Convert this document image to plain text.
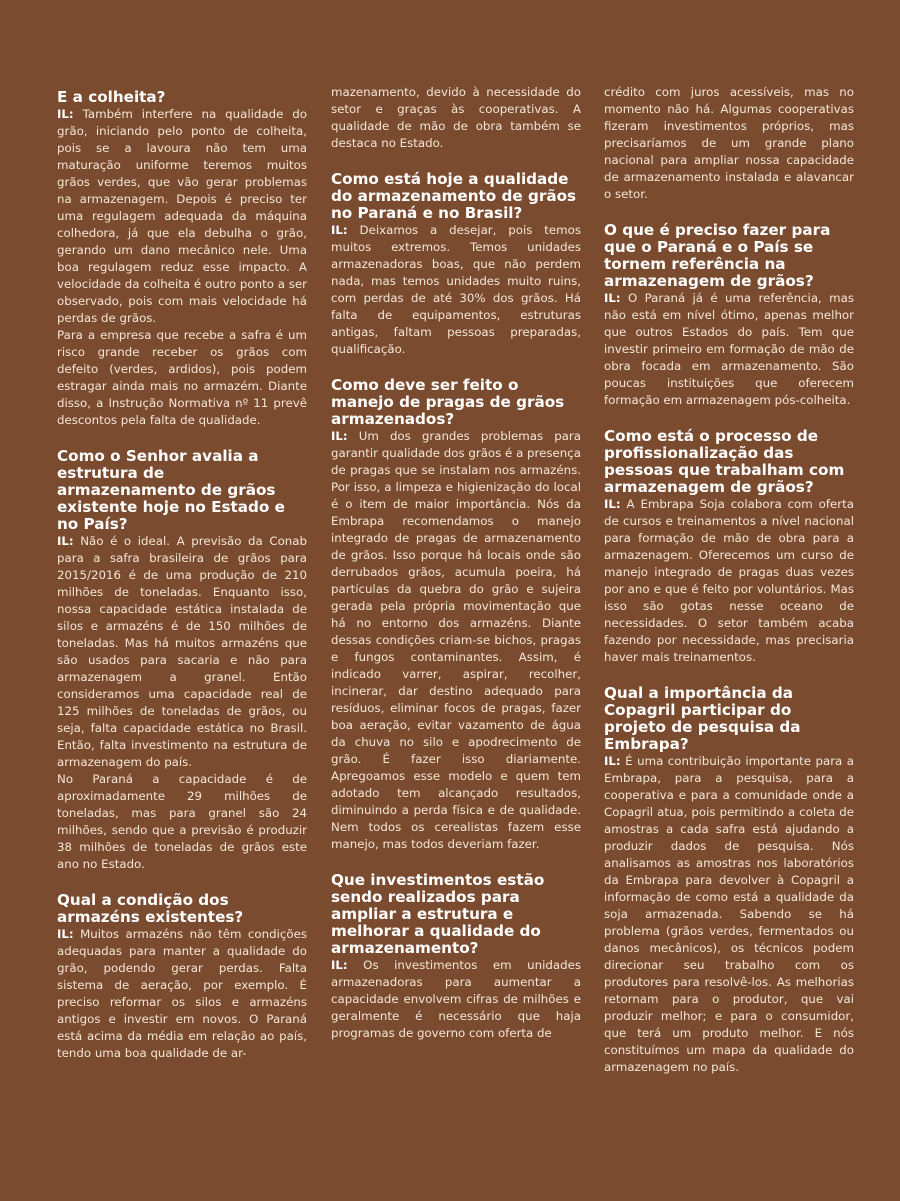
E a colheita?

IL: Também interfere na qualidade do grão, iniciando pelo ponto de colheita, pois se a lavoura não tem uma maturação uniforme teremos muitos grãos verdes, que vão gerar problemas na armazenagem. Depois é preciso ter uma regulagem adequada da máquina colhedora, já que ela debulha o grão, gerando um dano mecânico nele. Uma boa regulagem reduz esse impacto. A velocidade da colheita é outro ponto a ser observado, pois com mais velocidade há perdas de grãos.

Para a empresa que recebe a safra é um risco grande receber os grãos com defeito (verdes, ardidos), pois podem estragar ainda mais no armazém. Diante disso, a Instrução Normativa nº 11 prevê descontos pela falta de qualidade.

Como o Senhor avalia a estrutura de armazenamento de grãos existente hoje no Estado e no País?

IL: Não é o ideal. A previsão da Conab para a safra brasileira de grãos para 2015/2016 é de uma produção de 210 milhões de toneladas. Enquanto isso, nossa capacidade estática instalada de silos e armazéns é de 150 milhões de toneladas. Mas há muitos armazéns que são usados para sacaria e não para armazenagem a granel. Então consideramos uma capacidade real de 125 milhões de toneladas de grãos, ou seja, falta capacidade estática no Brasil. Então, falta investimento na estrutura de armazenagem do país.

No Paraná a capacidade é de aproximadamente 29 milhões de toneladas, mas para granel são 24 milhões, sendo que a previsão é produzir 38 milhões de toneladas de grãos este ano no Estado.

Qual a condição dos armazéns existentes?

IL: Muitos armazéns não têm condições adequadas para manter a qualidade do grão, podendo gerar perdas. Falta sistema de aeração, por exemplo. É preciso reformar os silos e armazéns antigos e investir em novos. O Paraná está acima da média em relação ao país, tendo uma boa qualidade de ar-

mazenamento, devido à necessidade do setor e graças às cooperativas. A qualidade de mão de obra também se destaca no Estado.

Como está hoje a qualidade do armazenamento de grãos no Paraná e no Brasil?

IL: Deixamos a desejar, pois temos muitos extremos. Temos unidades armazenadoras boas, que não perdem nada, mas temos unidades muito ruins, com perdas de até 30% dos grãos. Há falta de equipamentos, estruturas antigas, faltam pessoas preparadas, qualificação.

Como deve ser feito o manejo de pragas de grãos armazenados?

IL: Um dos grandes problemas para garantir qualidade dos grãos é a presença de pragas que se instalam nos armazéns. Por isso, a limpeza e higienização do local é o item de maior importância. Nós da Embrapa recomendamos o manejo integrado de pragas de armazenamento de grãos. Isso porque há locais onde são derrubados grãos, acumula poeira, há partículas da quebra do grão e sujeira gerada pela própria movimentação que há no entorno dos armazéns. Diante dessas condições criam-se bichos, pragas e fungos contaminantes. Assim, é indicado varrer, aspirar, recolher, incinerar, dar destino adequado para resíduos, eliminar focos de pragas, fazer boa aeração, evitar vazamento de água da chuva no silo e apodrecimento de grão. É fazer isso diariamente. Apregoamos esse modelo e quem tem adotado tem alcançado resultados, diminuindo a perda física e de qualidade. Nem todos os cerealistas fazem esse manejo, mas todos deveriam fazer.

Que investimentos estão sendo realizados para ampliar a estrutura e melhorar a qualidade do armazenamento?

IL: Os investimentos em unidades armazenadoras para aumentar a capacidade envolvem cifras de milhões e geralmente é necessário que haja programas de governo com oferta de

crédito com juros acessíveis, mas no momento não há. Algumas cooperativas fizeram investimentos próprios, mas precisaríamos de um grande plano nacional para ampliar nossa capacidade de armazenamento instalada e alavancar o setor.

O que é preciso fazer para que o Paraná e o País se tornem referência na armazenagem de grãos?

IL: O Paraná já é uma referência, mas não está em nível ótimo, apenas melhor que outros Estados do país. Tem que investir primeiro em formação de mão de obra focada em armazenamento. São poucas instituições que oferecem formação em armazenagem pós-colheita.

Como está o processo de profissionalização das pessoas que trabalham com armazenagem de grãos?

IL: A Embrapa Soja colabora com oferta de cursos e treinamentos a nível nacional para formação de mão de obra para a armazenagem. Oferecemos um curso de manejo integrado de pragas duas vezes por ano e que é feito por voluntários. Mas isso são gotas nesse oceano de necessidades. O setor também acaba fazendo por necessidade, mas precisaria haver mais treinamentos.

Qual a importância da Copagril participar do projeto de pesquisa da Embrapa?

IL: É uma contribuição importante para a Embrapa, para a pesquisa, para a cooperativa e para a comunidade onde a Copagril atua, pois permitindo a coleta de amostras a cada safra está ajudando a produzir dados de pesquisa. Nós analisamos as amostras nos laboratórios da Embrapa para devolver à Copagril a informação de como está a qualidade da soja armazenada. Sabendo se há problema (grãos verdes, fermentados ou danos mecânicos), os técnicos podem direcionar seu trabalho com os produtores para resolvê-los. As melhorias retornam para o produtor, que vai produzir melhor; e para o consumidor, que terá um produto melhor. E nós constituímos um mapa da qualidade do armazenagem no país.
